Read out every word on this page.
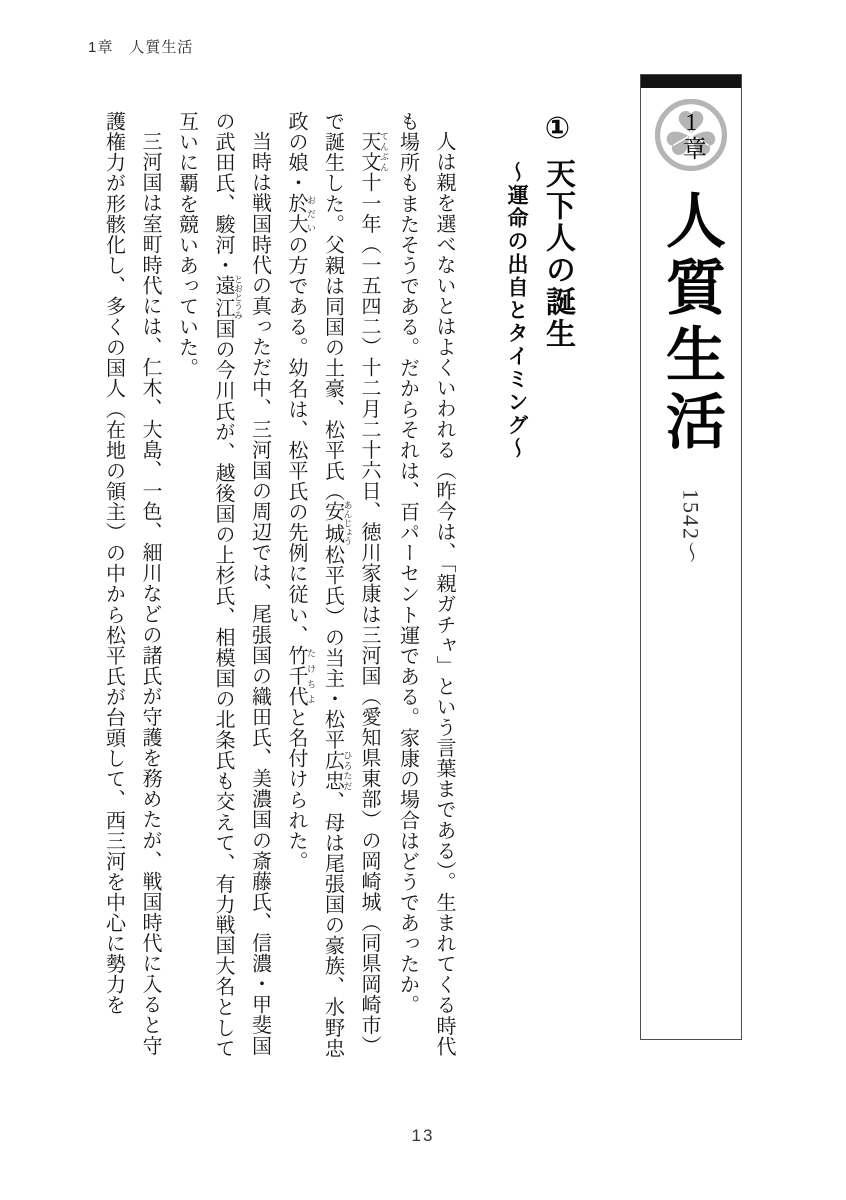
1章　人質生活
1章
人質生活
1542～
① 天下人の誕生
～運命の出自とタイミング～

人は親を選べないとはよくいわれる（昨今は、「親ガチャ」という言葉まである）。生まれてくる時代も場所もまたそうである。だからそれは、百パーセント運である。家康の場合はどうであったか。

天文 てんぶん十一年（一五四二）十二月二十六日、徳川家康は三河国（愛知県東部）の岡崎城（同県岡崎市）で誕生した。父親は同国の土豪、松平氏（安城 あんじょう松平氏）の当主・松平広忠 ひろただ、母は尾張国の豪族、水野忠政の娘・於大 おだいの方である。幼名は、松平氏の先例に従い、竹千代 たけちよと名付けられた。

当時は戦国時代の真っただ中、三河国の周辺では、尾張国の織田氏、美濃国の斎藤氏、信濃・甲斐国の武田氏、駿河・遠江 とおとうみ国の今川氏が、越後国の上杉氏、相模国の北条氏も交えて、有力戦国大名として互いに覇を競いあっていた。

三河国は室町時代には、仁木、大島、一色、細川などの諸氏が守護を務めたが、戦国時代に入ると守護権力が形骸化し、多くの国人（在地の領主）の中から松平氏が台頭して、西三河を中心に勢力を

13
